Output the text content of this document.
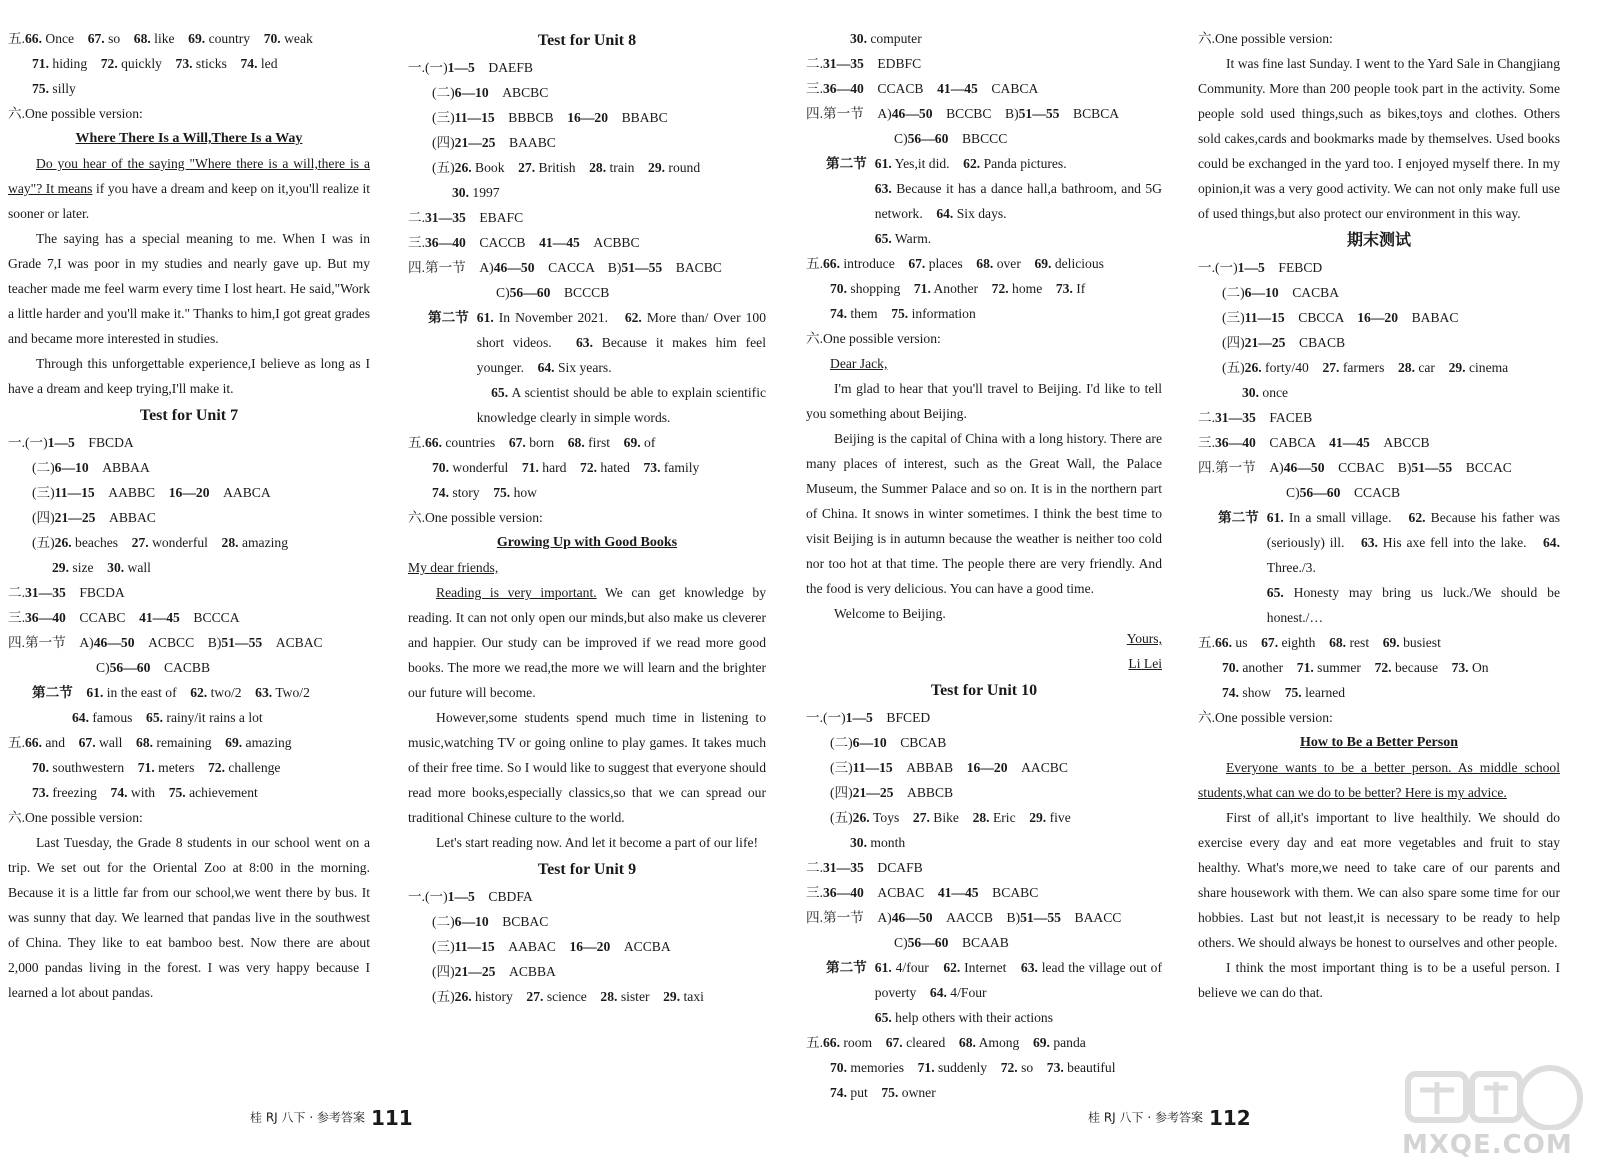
五.66. Once　67. so　68. like　69. country　70. weak
71. hiding　72. quickly　73. sticks　74. led
75. silly
六.One possible version:
Where There Is a Will,There Is a Way
Do you hear of the saying "Where there is a will,there is a way"? It means if you have a dream and keep on it,you'll realize it sooner or later.
The saying has a special meaning to me. When I was in Grade 7,I was poor in my studies and nearly gave up. But my teacher made me feel warm every time I lost heart. He said,"Work a little harder and you'll make it." Thanks to him,I got great grades and became more interested in studies.
Through this unforgettable experience,I believe as long as I have a dream and keep trying,I'll make it.
Test for Unit 7
一.(一)1—5　FBCDA
(二)6—10　ABBAA
(三)11—15　AABBC　16—20　AABCA
(四)21—25　ABBAC
(五)26. beaches　27. wonderful　28. amazing
29. size　30. wall
二.31—35　FBCDA
三.36—40　CCABC　41—45　BCCCA
四.第一节　A)46—50　ACBCC　B)51—55　ACBAC
C)56—60　CACBB
第二节　 61. in the east of　62. two/2　63. Two/2
64. famous　65. rainy/it rains a lot
五.66. and　67. wall　68. remaining　69. amazing
70. southwestern　71. meters　72. challenge
73. freezing　74. with　75. achievement
六.One possible version:
Last Tuesday, the Grade 8 students in our school went on a trip. We set out for the Oriental Zoo at 8:00 in the morning. Because it is a little far from our school,we went there by bus. It was sunny that day. We learned that pandas live in the southwest of China. They like to eat bamboo best. Now there are about 2,000 pandas living in the forest. I was very happy because I learned a lot about pandas.
Test for Unit 8
一.(一)1—5　DAEFB
(二)6—10　ABCBC
(三)11—15　BBBCB　16—20　BBABC
(四)21—25　BAABC
(五)26. Book　27. British　28. train　29. round
30. 1997
二.31—35　EBAFC
三.36—40　CACCB　41—45　ACBBC
四.第一节　A)46—50　CACCA　B)51—55　BACBC
C)56—60　BCCCB
第二节 61. In November 2021.　62. More than/ Over 100 short videos.　63. Because it makes him feel younger.　64. Six years.
　65. A scientist should be able to explain scientific knowledge clearly in simple words.
五.66. countries　67. born　68. first　69. of
70. wonderful　71. hard　72. hated　73. family
74. story　75. how
六.One possible version:
Growing Up with Good Books
My dear friends,
Reading is very important. We can get knowledge by reading. It can not only open our minds,but also make us cleverer and happier. Our study can be improved if we read more good books. The more we read,the more we will learn and the brighter our future will become.
However,some students spend much time in listening to music,watching TV or going online to play games. It takes much of their free time. So I would like to suggest that everyone should read more books,especially classics,so that we can spread our traditional Chinese culture to the world.
Let's start reading now. And let it become a part of our life!
Test for Unit 9
一.(一)1—5　CBDFA
(二)6—10　BCBAC
(三)11—15　AABAC　16—20　ACCBA
(四)21—25　ACBBA
(五)26. history　27. science　28. sister　29. taxi
30. computer
二.31—35　EDBFC
三.36—40　CCACB　41—45　CABCA
四.第一节　A)46—50　BCCBC　B)51—55　BCBCA
C)56—60　BBCCC
第二节 61. Yes,it did.　62. Panda pictures.
63. Because it has a dance hall,a bathroom, and 5G network.　64. Six days.
65. Warm.
五.66. introduce　67. places　68. over　69. delicious
70. shopping　71. Another　72. home　73. If
74. them　75. information
六.One possible version:
Dear Jack,
I'm glad to hear that you'll travel to Beijing. I'd like to tell you something about Beijing.
Beijing is the capital of China with a long history. There are many places of interest, such as the Great Wall, the Palace Museum, the Summer Palace and so on. It is in the northern part of China. It snows in winter sometimes. I think the best time to visit Beijing is in autumn because the weather is neither too cold nor too hot at that time. The people there are very friendly. And the food is very delicious. You can have a good time.
Welcome to Beijing.
Yours,
Li Lei
Test for Unit 10
一.(一)1—5　BFCED
(二)6—10　CBCAB
(三)11—15　ABBAB　16—20　AACBC
(四)21—25　ABBCB
(五)26. Toys　27. Bike　28. Eric　29. five
30. month
二.31—35　DCAFB
三.36—40　ACBAC　41—45　BCABC
四.第一节　A)46—50　AACCB　B)51—55　BAACC
C)56—60　BCAAB
第二节 61. 4/four　62. Internet　63. lead the village out of poverty　64. 4/Four
65. help others with their actions
五.66. room　67. cleared　68. Among　69. panda
70. memories　71. suddenly　72. so　73. beautiful
74. put　75. owner
六.One possible version:
It was fine last Sunday. I went to the Yard Sale in Changjiang Community. More than 200 people took part in the activity. Some people sold used things,such as bikes,toys and clothes. Others sold cakes,cards and bookmarks made by themselves. Used books could be exchanged in the yard too. I enjoyed myself there. In my opinion,it was a very good activity. We can not only make full use of used things,but also protect our environment in this way.
期末测试
一.(一)1—5　FEBCD
(二)6—10　CACBA
(三)11—15　CBCCA　16—20　BABAC
(四)21—25　CBACB
(五)26. forty/40　27. farmers　28. car　29. cinema
30. once
二.31—35　FACEB
三.36—40　CABCA　41—45　ABCCB
四.第一节　A)46—50　CCBAC　B)51—55　BCCAC
C)56—60　CCACB
第二节 61. In a small village.　62. Because his father was (seriously) ill.　63. His axe fell into the lake.　64. Three./3.
65. Honesty may bring us luck./We should be honest./…
五.66. us　67. eighth　68. rest　69. busiest
70. another　71. summer　72. because　73. On
74. show　75. learned
六.One possible version:
How to Be a Better Person
Everyone wants to be a better person. As middle school students,what can we do to be better? Here is my advice.
First of all,it's important to live healthily. We should do exercise every day and eat more vegetables and fruit to stay healthy. What's more,we need to take care of our parents and share housework with them. We can also spare some time for our hobbies. Last but not least,it is necessary to be ready to help others. We should always be honest to ourselves and other people.
I think the most important thing is to be a useful person. I believe we can do that.
桂 RJ 八下 · 参考答案 111	桂 RJ 八下 · 参考答案 112
MXQE.COM
